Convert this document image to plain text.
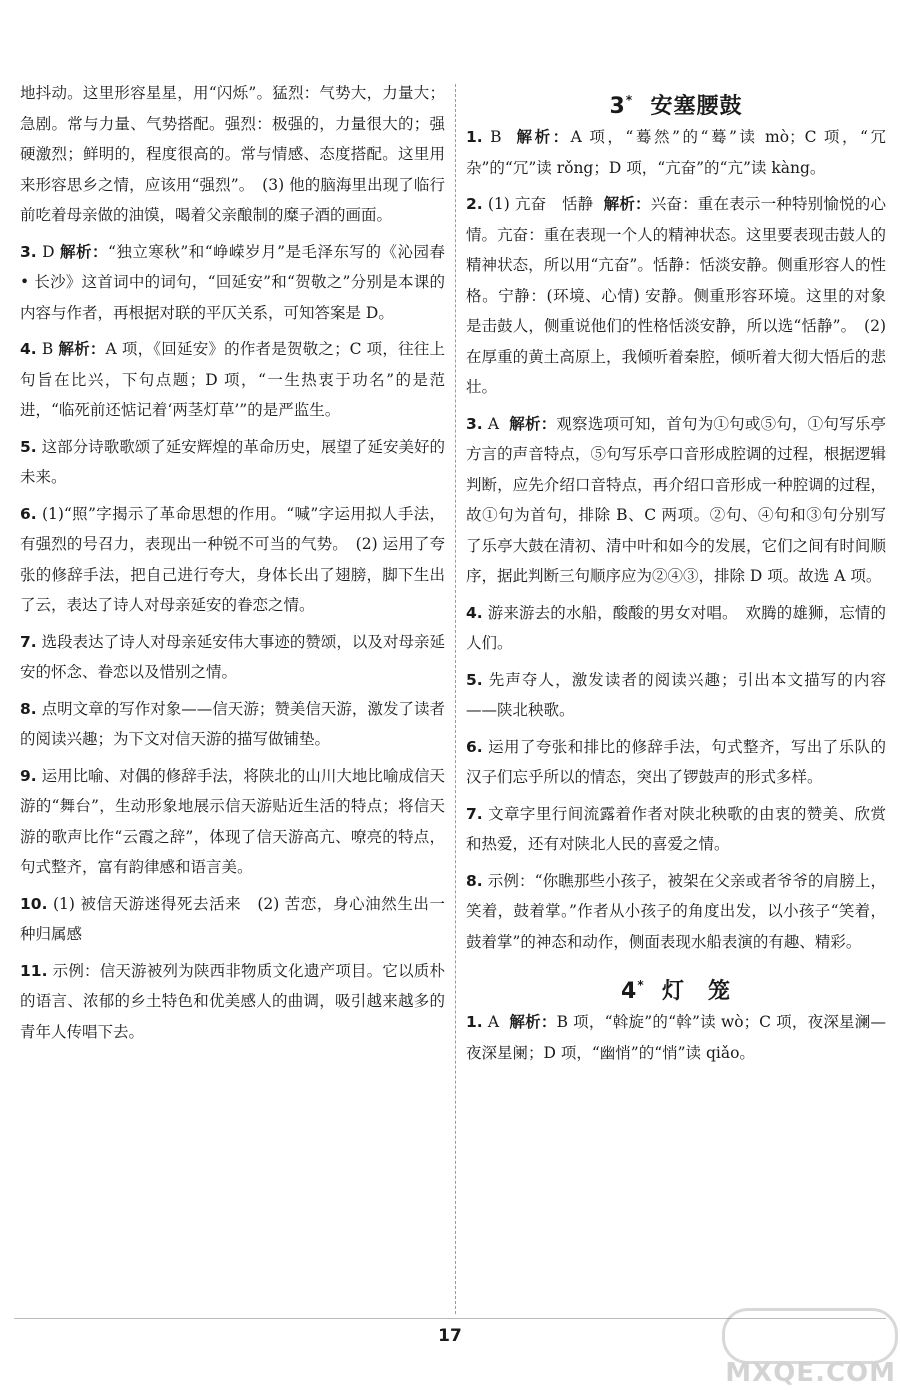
地抖动。这里形容星星，用“闪烁”。猛烈：气势大，力量大；急剧。常与力量、气势搭配。强烈：极强的，力量很大的；强硬激烈；鲜明的，程度很高的。常与情感、态度搭配。这里用来形容思乡之情，应该用“强烈”。　(3) 他的脑海里出现了临行前吃着母亲做的油馍，喝着父亲酿制的糜子酒的画面。

3. D 解析：“独立寒秋”和“峥嵘岁月”是毛泽东写的《沁园春 • 长沙》这首词中的词句，“回延安”和“贺敬之”分别是本课的内容与作者，再根据对联的平仄关系，可知答案是 D。

4. B 解析：A 项，《回延安》的作者是贺敬之；C 项，往往上句旨在比兴，下句点题；D 项，“一生热衷于功名”的是范进，“临死前还惦记着‘两茎灯草’”的是严监生。

5. 这部分诗歌歌颂了延安辉煌的革命历史，展望了延安美好的未来。

6. (1)“照”字揭示了革命思想的作用。“喊”字运用拟人手法，有强烈的号召力，表现出一种锐不可当的气势。　(2) 运用了夸张的修辞手法，把自己进行夸大，身体长出了翅膀，脚下生出了云，表达了诗人对母亲延安的眷恋之情。

7. 选段表达了诗人对母亲延安伟大事迹的赞颂，以及对母亲延安的怀念、眷恋以及惜别之情。

8. 点明文章的写作对象——信天游；赞美信天游，激发了读者的阅读兴趣；为下文对信天游的描写做铺垫。

9. 运用比喻、对偶的修辞手法，将陕北的山川大地比喻成信天游的“舞台”，生动形象地展示信天游贴近生活的特点；将信天游的歌声比作“云霞之辞”，体现了信天游高亢、嘹亮的特点，句式整齐，富有韵律感和语言美。

10. (1) 被信天游迷得死去活来　(2) 苦恋，身心油然生出一种归属感

11. 示例：信天游被列为陕西非物质文化遗产项目。它以质朴的语言、浓郁的乡土特色和优美感人的曲调，吸引越来越多的青年人传唱下去。

3* 安塞腰鼓

1. B 解析：A 项，“蓦然”的“蓦”读 mò；C 项，“冗杂”的“冗”读 rǒng；D 项，“亢奋”的“亢”读 kàng。

2. (1) 亢奋　恬静 解析：兴奋：重在表示一种特别愉悦的心情。亢奋：重在表现一个人的精神状态。这里要表现击鼓人的精神状态，所以用“亢奋”。恬静：恬淡安静。侧重形容人的性格。宁静：(环境、心情) 安静。侧重形容环境。这里的对象是击鼓人，侧重说他们的性格恬淡安静，所以选“恬静”。　(2) 在厚重的黄土高原上，我倾听着秦腔，倾听着大彻大悟后的悲壮。

3. A 解析：观察选项可知，首句为①句或⑤句，①句写乐亭方言的声音特点，⑤句写乐亭口音形成腔调的过程，根据逻辑判断，应先介绍口音特点，再介绍口音形成一种腔调的过程，故①句为首句，排除 B、C 两项。②句、④句和③句分别写了乐亭大鼓在清初、清中叶和如今的发展，它们之间有时间顺序，据此判断三句顺序应为②④③，排除 D 项。故选 A 项。

4. 游来游去的水船，酸酸的男女对唱。　欢腾的雄狮，忘情的人们。

5. 先声夺人，激发读者的阅读兴趣；引出本文描写的内容——陕北秧歌。

6. 运用了夸张和排比的修辞手法，句式整齐，写出了乐队的汉子们忘乎所以的情态，突出了锣鼓声的形式多样。

7. 文章字里行间流露着作者对陕北秧歌的由衷的赞美、欣赏和热爱，还有对陕北人民的喜爱之情。

8. 示例：“你瞧那些小孩子，被架在父亲或者爷爷的肩膀上，笑着，鼓着掌。”作者从小孩子的角度出发，以小孩子“笑着，鼓着掌”的神态和动作，侧面表现水船表演的有趣、精彩。

4* 灯　笼

1. A 解析：B 项，“斡旋”的“斡”读 wò；C 项，夜深星澜—夜深星阑；D 项，“幽悄”的“悄”读 qiǎo。

17
MXQE.COM
